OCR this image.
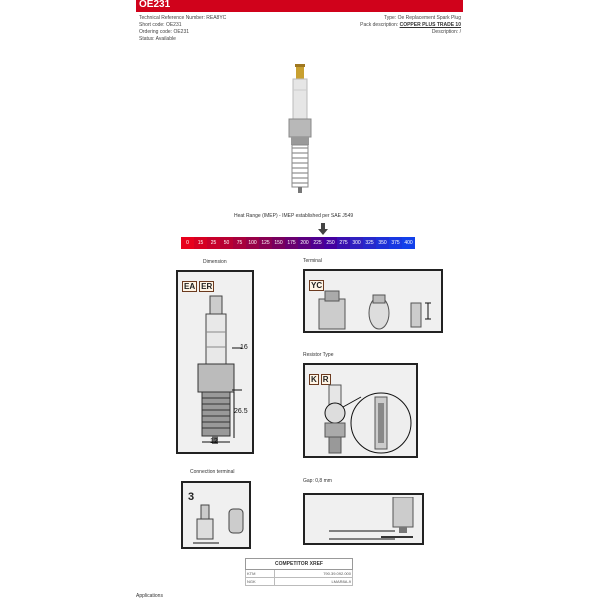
OE231
Technical Reference Number: REA8YC
Short code: OE231
Ordering code: OE231
Status: Available
Type: Oe Replacement Spark Plug
Pack description: COPPER PLUS TRADE 10
Description: /
Heat Range (IMEP) - IMEP established per SAE J549
0	15	25	50	75	100 125 150 175 200 225 250 275 300 325 350 375 400
Dimension
EA ER
16
26.5
12
Terminal
YC
Resistor Type
K R
Connection terminal
3
Gap: 0,8 mm
COMPETITOR XREF	
KTM	790.39.092.000
NGK	LMAR8A-9
Applications
